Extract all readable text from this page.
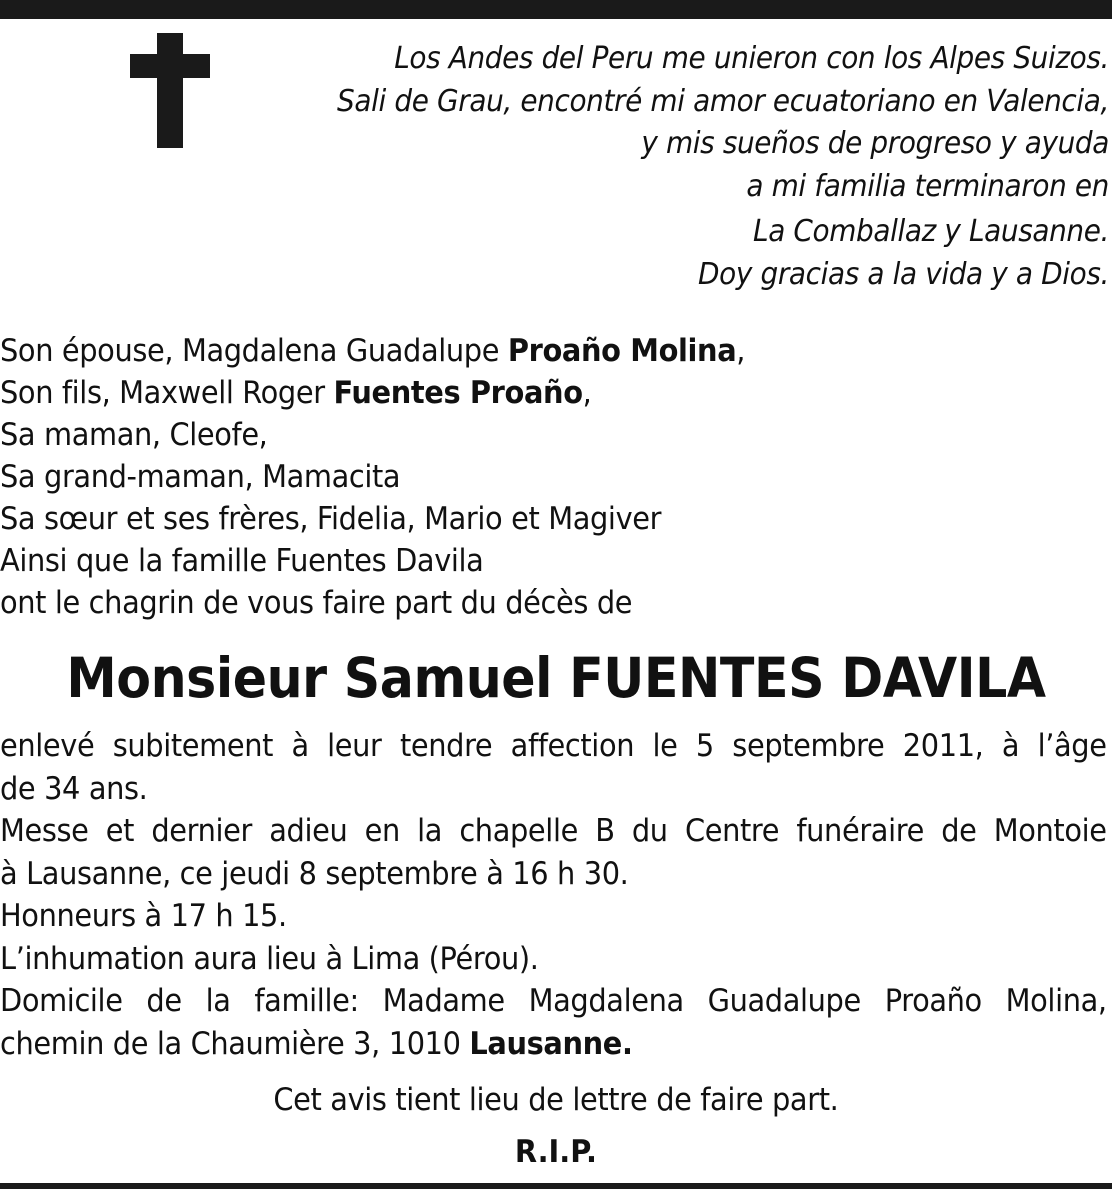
Los Andes del Peru me unieron con los Alpes Suizos.
Sali de Grau, encontré mi amor ecuatoriano en Valencia,
y mis sueños de progreso y ayuda
a mi familia terminaron en
La Comballaz y Lausanne.
Doy gracias a la vida y a Dios.
Son épouse, Magdalena Guadalupe Proaño Molina,
Son fils, Maxwell Roger Fuentes Proaño,
Sa maman, Cleofe,
Sa grand-maman, Mamacita
Sa sœur et ses frères, Fidelia, Mario et Magiver
Ainsi que la famille Fuentes Davila
ont le chagrin de vous faire part du décès de
Monsieur Samuel FUENTES DAVILA
enlevé subitement à leur tendre affection le 5 septembre 2011, à l’âge
de 34 ans.
Messe et dernier adieu en la chapelle B du Centre funéraire de Montoie
à Lausanne, ce jeudi 8 septembre à 16 h 30.
Honneurs à 17 h 15.
L’inhumation aura lieu à Lima (Pérou).
Domicile de la famille: Madame Magdalena Guadalupe Proaño Molina,
chemin de la Chaumière 3, 1010 Lausanne.
Cet avis tient lieu de lettre de faire part.
R.I.P.
